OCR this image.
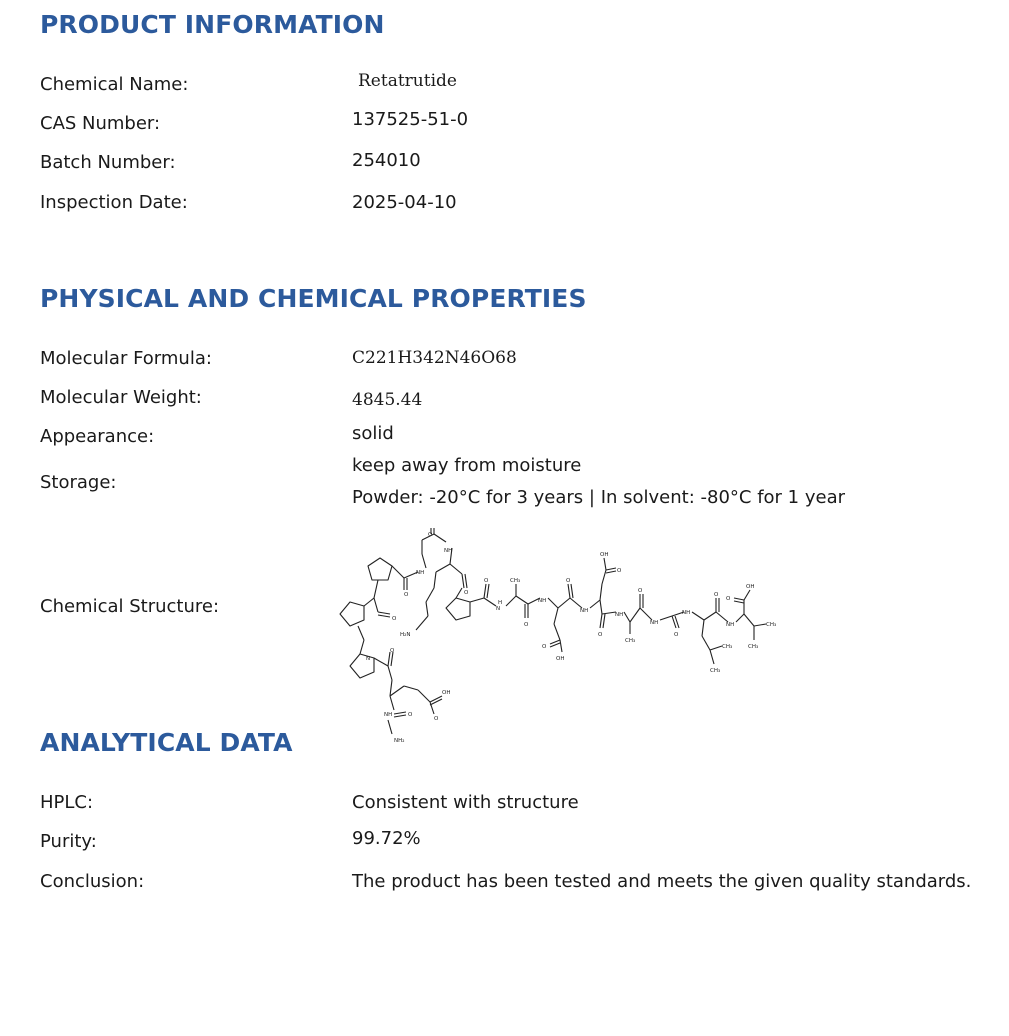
PRODUCT INFORMATION
Chemical Name:	Retatrutide
CAS Number:	137525-51-0
Batch Number:	254010
Inspection Date:	2025-04-10
PHYSICAL AND CHEMICAL PROPERTIES
Molecular Formula:	C221H342N46O68
Molecular Weight:	4845.44
Appearance:	solid
Storage:
keep away from moisture
Powder: -20°C for 3 years | In solvent: -80°C for 1 year
Chemical Structure:
NH
NH
O
O	O
H₂N
O
O
OH
O
NH	O
NH₂
N
O
N
H
CH₃
O
NH
O
OH
O
NH
OH
O
O
NH
CH₃
O
NH
O
NH
CH₃
CH₃
O
NH
O
OH
CH₃
CH₃
ANALYTICAL DATA
HPLC:	Consistent with structure
Purity:	99.72%
Conclusion:	The product has been tested and meets the given quality standards.
